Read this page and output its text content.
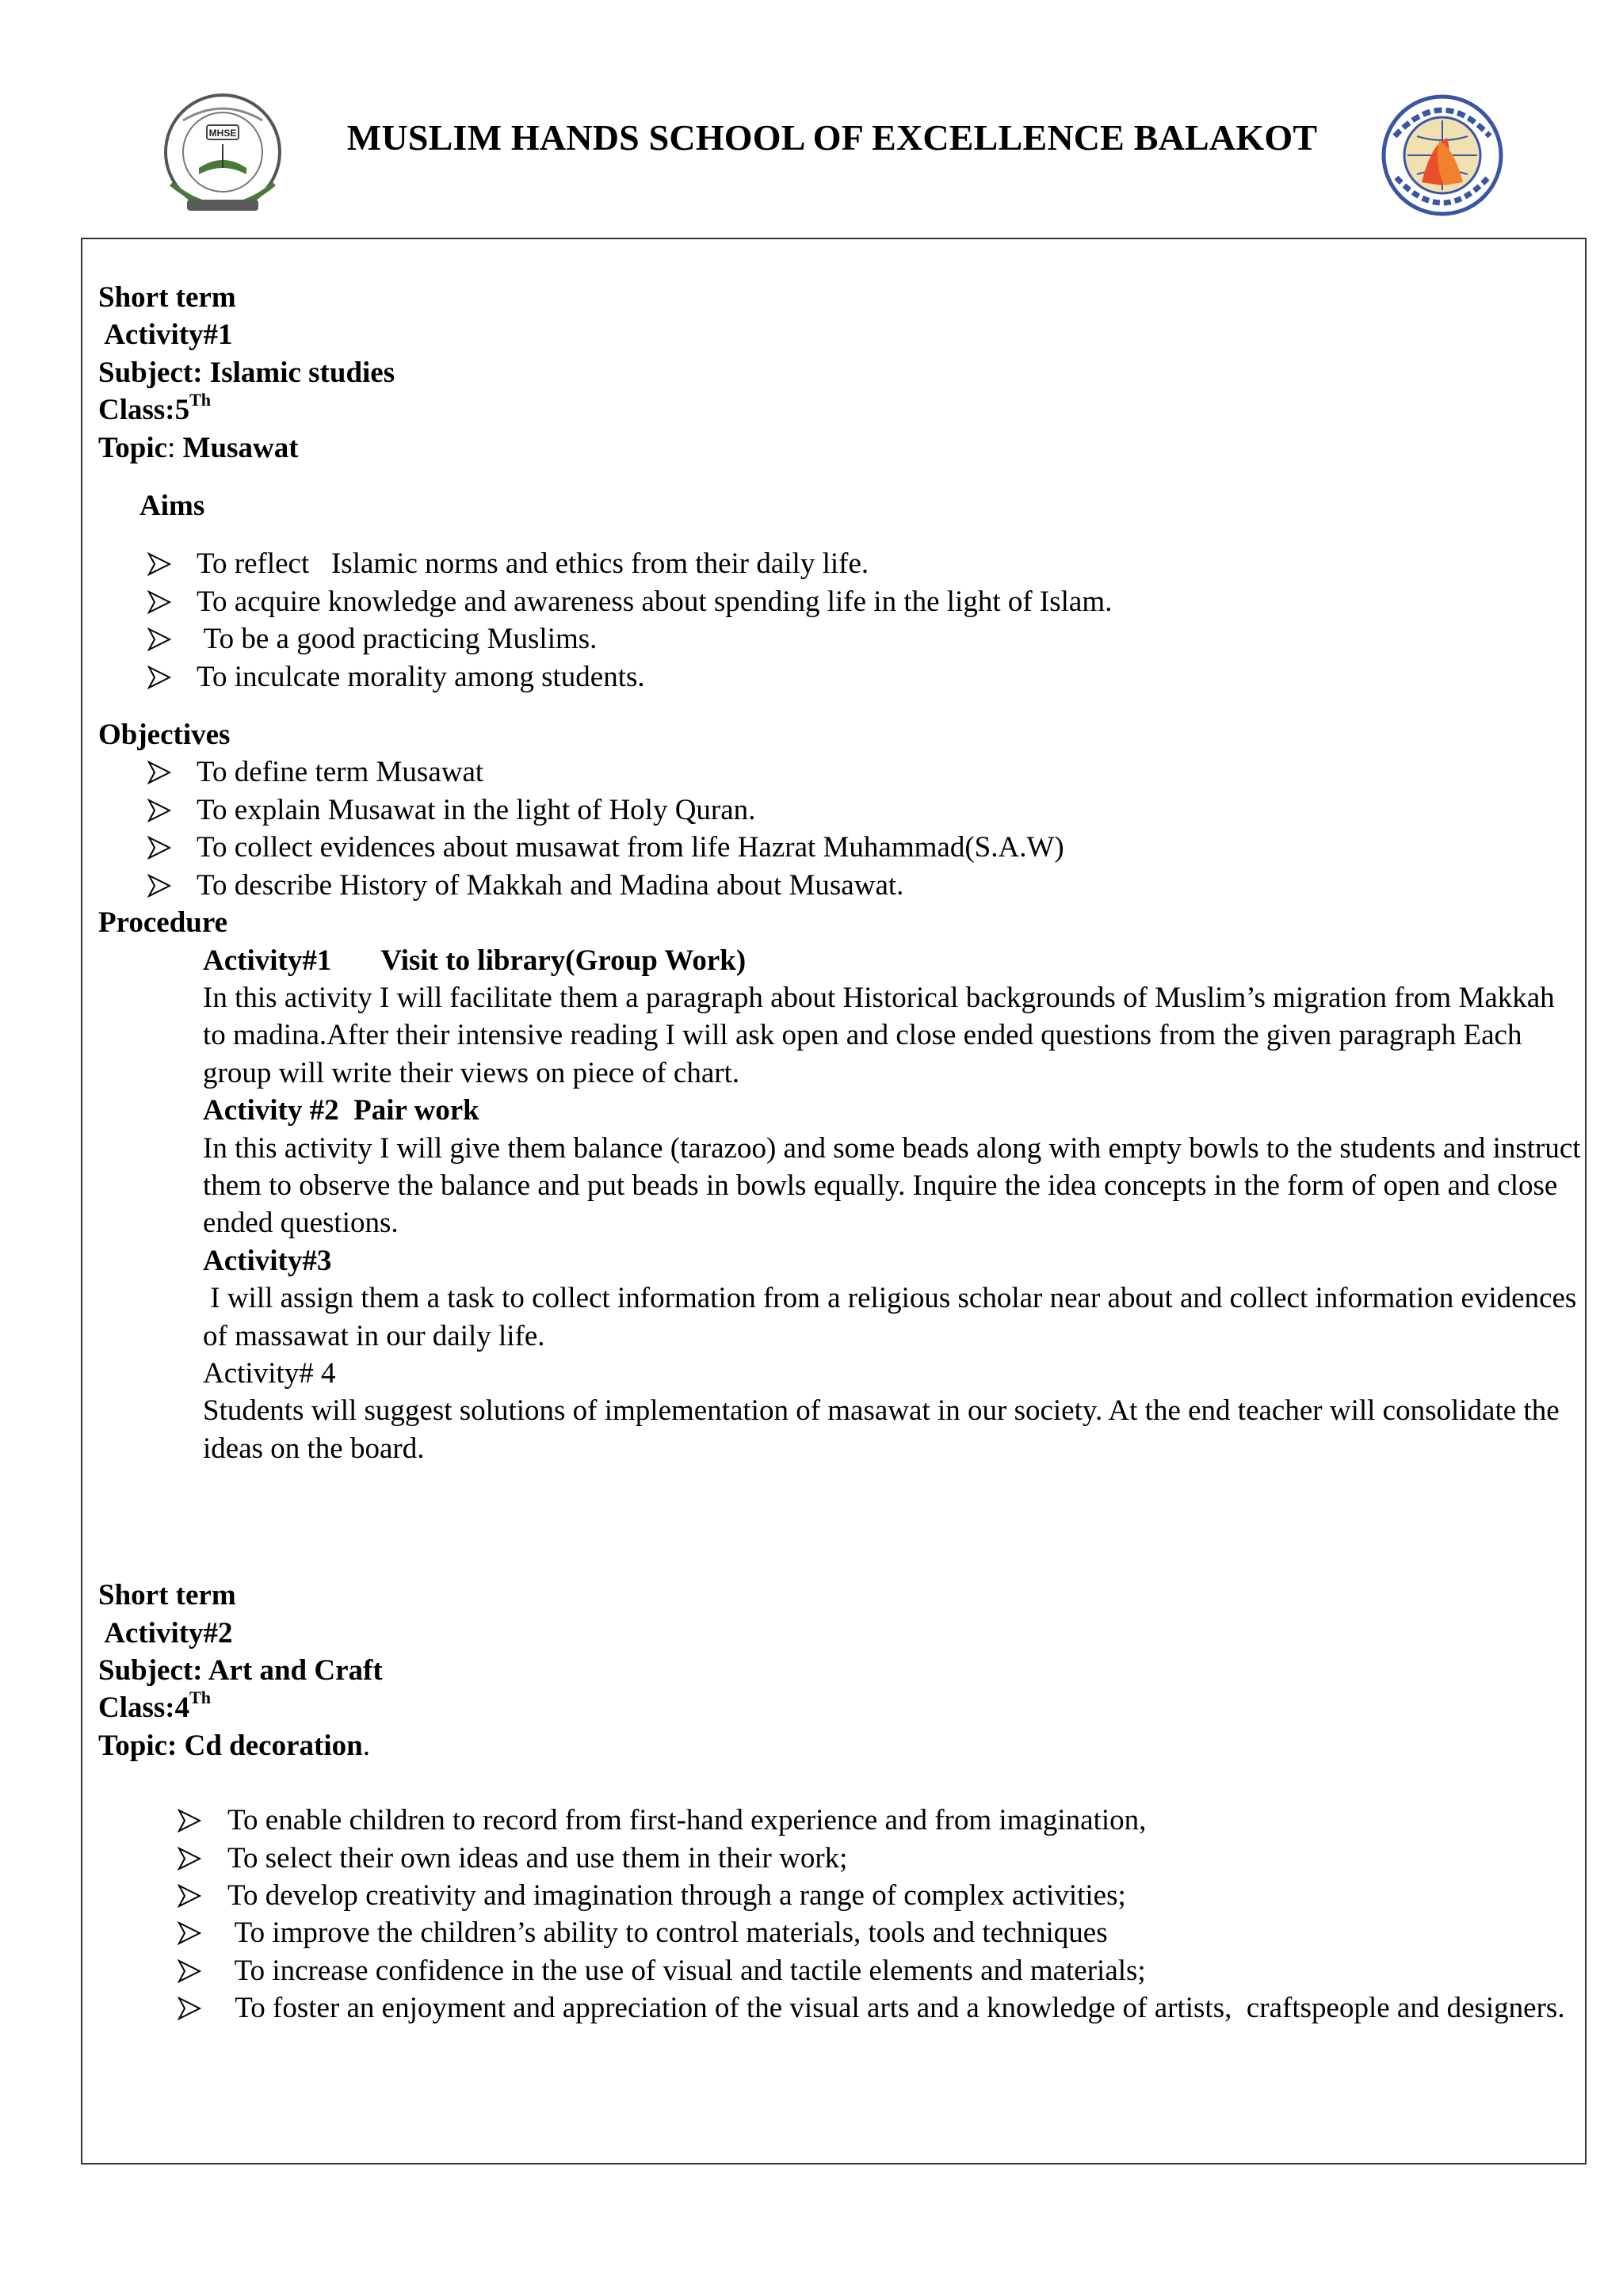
MHSE	MUSLIM HANDS SCHOOL OF EXCELLENCE BALAKOT
Short term
Activity#1
Subject: Islamic studies
Class:5Th
Topic: Musawat
Aims
To reflect   Islamic norms and ethics from their daily life.
To acquire knowledge and awareness about spending life in the light of Islam.
To be a good practicing Muslims.
To inculcate morality among students.
Objectives
To define term Musawat
To explain Musawat in the light of Holy Quran.
To collect evidences about musawat from life Hazrat Muhammad(S.A.W)
To describe History of Makkah and Madina about Musawat.
Procedure

Activity#1 Visit to library(Group Work)

In this activity I will facilitate them a paragraph about Historical backgrounds of Muslim’s migration from Makkah to madina.After their intensive reading I will ask open and close ended questions from the given paragraph Each group will write their views on piece of chart.

Activity #2  Pair work

In this activity I will give them balance (tarazoo) and some beads along with empty bowls to the students and instruct them to observe the balance and put beads in bowls equally. Inquire the idea concepts in the form of open and close ended questions.

Activity#3

I will assign them a task to collect information from a religious scholar near about and collect information evidences of massawat in our daily life.

Activity# 4

Students will suggest solutions of implementation of masawat in our society. At the end teacher will consolidate the ideas on the board.

Short term
Activity#2
Subject: Art and Craft
Class:4Th
Topic: Cd decoration.
To enable children to record from first-hand experience and from imagination,
To select their own ideas and use them in their work;
To develop creativity and imagination through a range of complex activities;
To improve the children’s ability to control materials, tools and techniques
To increase confidence in the use of visual and tactile elements and materials;
To foster an enjoyment and appreciation of the visual arts and a knowledge of artists,  craftspeople and designers.
